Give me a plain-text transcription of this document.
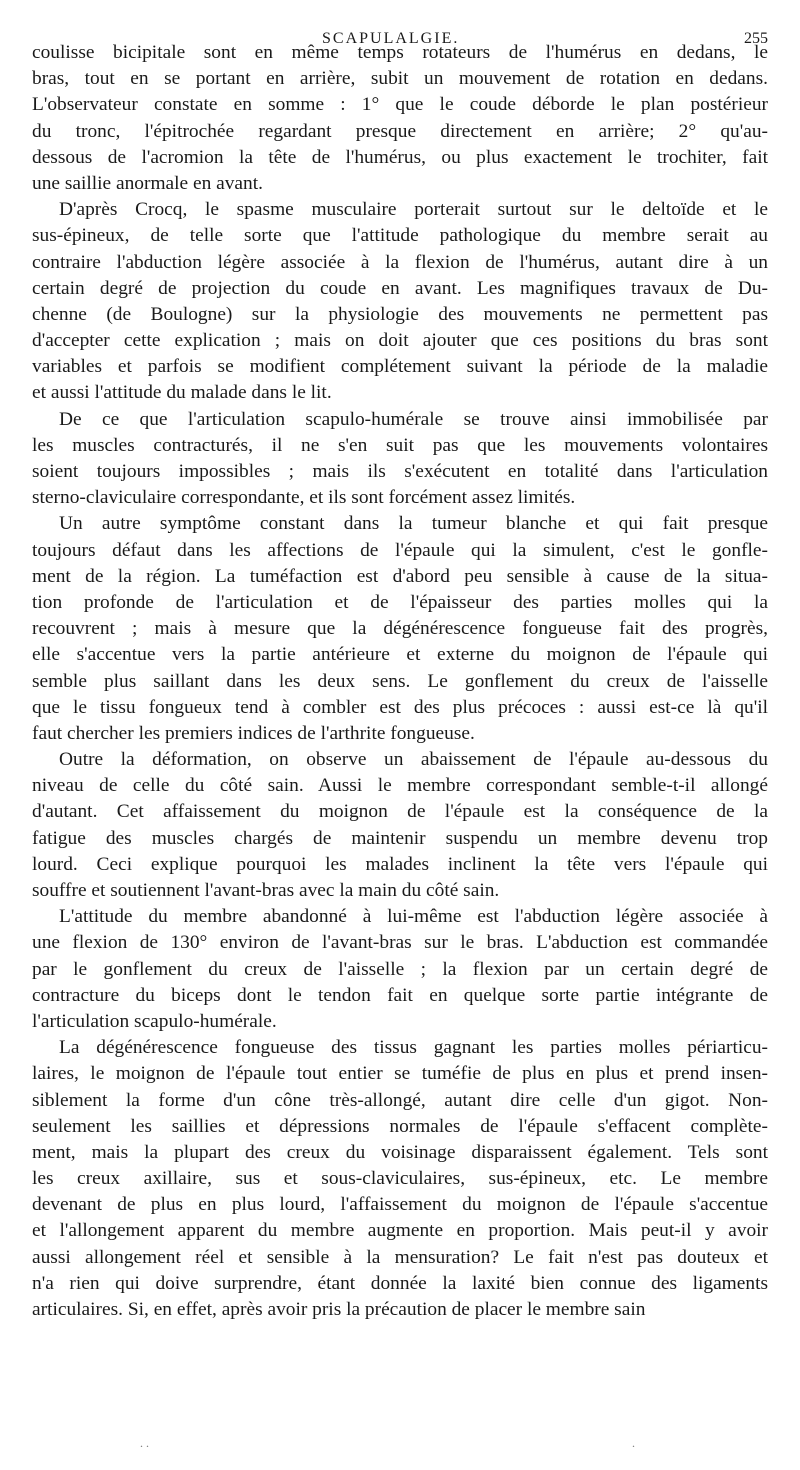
SCAPULALGIE.	255
coulisse bicipitale sont en même temps rotateurs de l'humérus en dedans, le
bras, tout en se portant en arrière, subit un mouvement de rotation en dedans.
L'observateur constate en somme : 1° que le coude déborde le plan postérieur
du tronc, l'épitrochée regardant presque directement en arrière; 2° qu'au-
dessous de l'acromion la tête de l'humérus, ou plus exactement le trochiter, fait
une saillie anormale en avant.
D'après Crocq, le spasme musculaire porterait surtout sur le deltoïde et le
sus-épineux, de telle sorte que l'attitude pathologique du membre serait au
contraire l'abduction légère associée à la flexion de l'humérus, autant dire à un
certain degré de projection du coude en avant. Les magnifiques travaux de Du-
chenne (de Boulogne) sur la physiologie des mouvements ne permettent pas
d'accepter cette explication ; mais on doit ajouter que ces positions du bras sont
variables et parfois se modifient complétement suivant la période de la maladie
et aussi l'attitude du malade dans le lit.
De ce que l'articulation scapulo-humérale se trouve ainsi immobilisée par
les muscles contracturés, il ne s'en suit pas que les mouvements volontaires
soient toujours impossibles ; mais ils s'exécutent en totalité dans l'articulation
sterno-claviculaire correspondante, et ils sont forcément assez limités.
Un autre symptôme constant dans la tumeur blanche et qui fait presque
toujours défaut dans les affections de l'épaule qui la simulent, c'est le gonfle-
ment de la région. La tuméfaction est d'abord peu sensible à cause de la situa-
tion profonde de l'articulation et de l'épaisseur des parties molles qui la
recouvrent ; mais à mesure que la dégénérescence fongueuse fait des progrès,
elle s'accentue vers la partie antérieure et externe du moignon de l'épaule qui
semble plus saillant dans les deux sens. Le gonflement du creux de l'aisselle
que le tissu fongueux tend à combler est des plus précoces : aussi est-ce là qu'il
faut chercher les premiers indices de l'arthrite fongueuse.
Outre la déformation, on observe un abaissement de l'épaule au-dessous du
niveau de celle du côté sain. Aussi le membre correspondant semble-t-il allongé
d'autant. Cet affaissement du moignon de l'épaule est la conséquence de la
fatigue des muscles chargés de maintenir suspendu un membre devenu trop
lourd. Ceci explique pourquoi les malades inclinent la tête vers l'épaule qui
souffre et soutiennent l'avant-bras avec la main du côté sain.
L'attitude du membre abandonné à lui-même est l'abduction légère associée à
une flexion de 130° environ de l'avant-bras sur le bras. L'abduction est commandée
par le gonflement du creux de l'aisselle ; la flexion par un certain degré de
contracture du biceps dont le tendon fait en quelque sorte partie intégrante de
l'articulation scapulo-humérale.
La dégénérescence fongueuse des tissus gagnant les parties molles périarticu-
laires, le moignon de l'épaule tout entier se tuméfie de plus en plus et prend insen-
siblement la forme d'un cône très-allongé, autant dire celle d'un gigot. Non-
seulement les saillies et dépressions normales de l'épaule s'effacent complète-
ment, mais la plupart des creux du voisinage disparaissent également. Tels sont
les creux axillaire, sus et sous-claviculaires, sus-épineux, etc. Le membre
devenant de plus en plus lourd, l'affaissement du moignon de l'épaule s'accentue
et l'allongement apparent du membre augmente en proportion. Mais peut-il y avoir
aussi allongement réel et sensible à la mensuration? Le fait n'est pas douteux et
n'a rien qui doive surprendre, étant donnée la laxité bien connue des ligaments
articulaires. Si, en effet, après avoir pris la précaution de placer le membre sain
. .	.
